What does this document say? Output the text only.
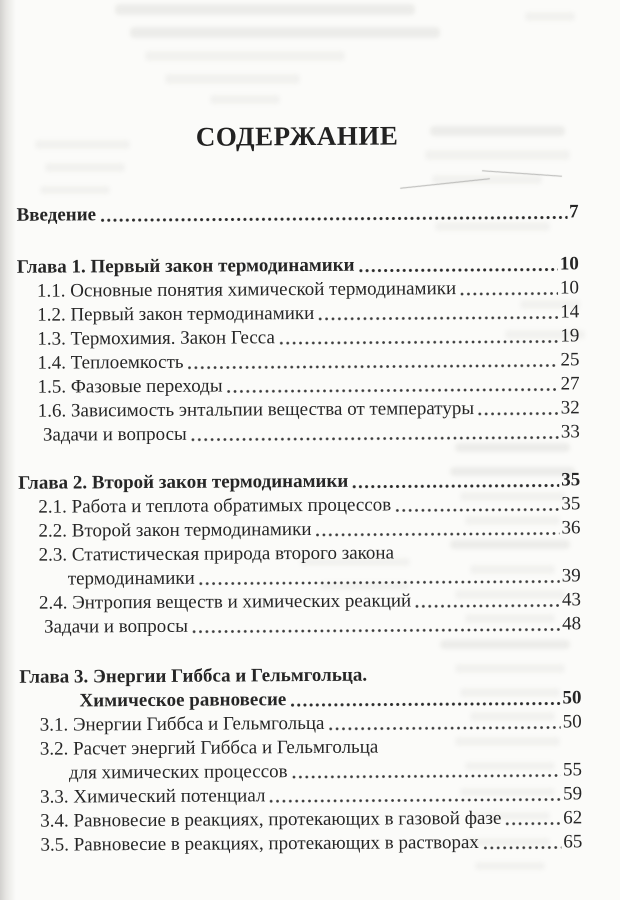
СОДЕРЖАНИЕ
Введение	7
Глава 1. Первый закон термодинамики	10
1.1. Основные понятия химической термодинамики	10
1.2. Первый закон термодинамики	14
1.3. Термохимия. Закон Гесса	19
1.4. Теплоемкость	25
1.5. Фазовые переходы	27
1.6. Зависимость энтальпии вещества от температуры	32
Задачи и вопросы	33
Глава 2. Второй закон термодинамики	35
2.1. Работа и теплота обратимых процессов	35
2.2. Второй закон термодинамики	36
2.3. Статистическая природа второго закона
термодинамики	39
2.4. Энтропия веществ и химических реакций	43
Задачи и вопросы	48
Глава 3. Энергии Гиббса и Гельмгольца.
Химическое равновесие	50
3.1. Энергии Гиббса и Гельмгольца	50
3.2. Расчет энергий Гиббса и Гельмгольца
для химических процессов	55
3.3. Химический потенциал	59
3.4. Равновесие в реакциях, протекающих в газовой фазе	62
3.5. Равновесие в реакциях, протекающих в растворах	65
